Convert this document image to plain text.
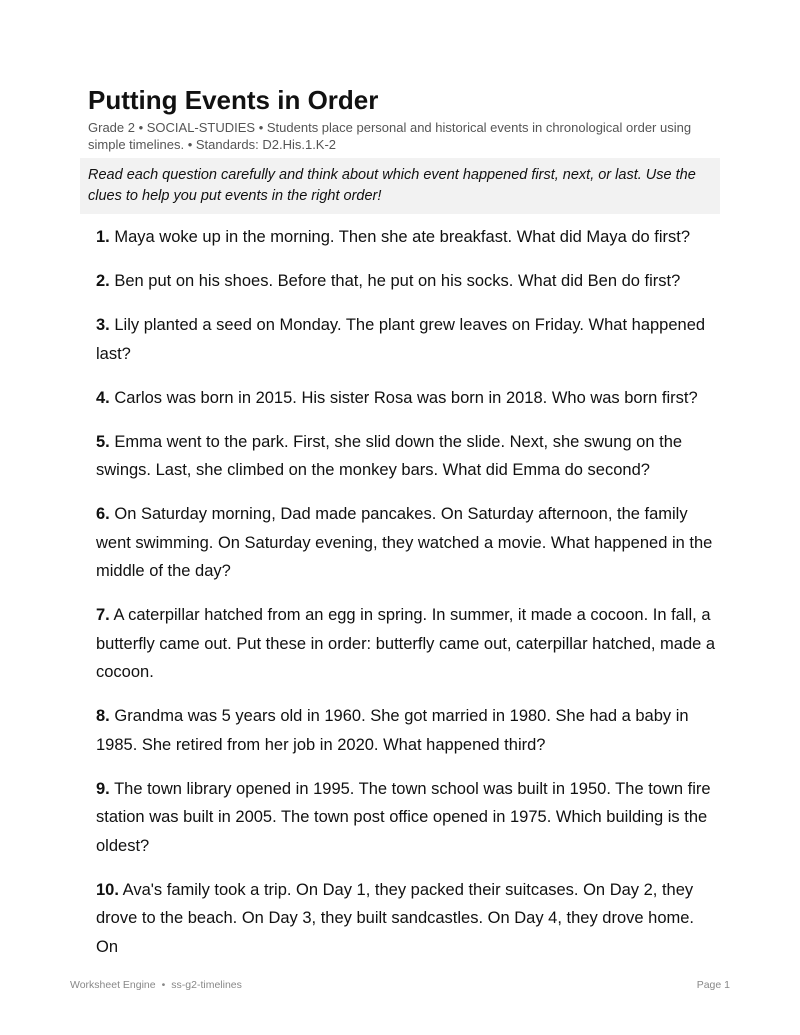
Putting Events in Order
Grade 2 • SOCIAL-STUDIES • Students place personal and historical events in chronological order using simple timelines. • Standards: D2.His.1.K-2
Read each question carefully and think about which event happened first, next, or last. Use the clues to help you put events in the right order!

1. Maya woke up in the morning. Then she ate breakfast. What did Maya do first?

2. Ben put on his shoes. Before that, he put on his socks. What did Ben do first?

3. Lily planted a seed on Monday. The plant grew leaves on Friday. What happened last?

4. Carlos was born in 2015. His sister Rosa was born in 2018. Who was born first?

5. Emma went to the park. First, she slid down the slide. Next, she swung on the swings. Last, she climbed on the monkey bars. What did Emma do second?

6. On Saturday morning, Dad made pancakes. On Saturday afternoon, the family went swimming. On Saturday evening, they watched a movie. What happened in the middle of the day?

7. A caterpillar hatched from an egg in spring. In summer, it made a cocoon. In fall, a butterfly came out. Put these in order: butterfly came out, caterpillar hatched, made a cocoon.

8. Grandma was 5 years old in 1960. She got married in 1980. She had a baby in 1985. She retired from her job in 2020. What happened third?

9. The town library opened in 1995. The town school was built in 1950. The town fire station was built in 2005. The town post office opened in 1975. Which building is the oldest?

10. Ava's family took a trip. On Day 1, they packed their suitcases. On Day 2, they drove to the beach. On Day 3, they built sandcastles. On Day 4, they drove home. On

Worksheet Engine • ss-g2-timelines	Page 1
